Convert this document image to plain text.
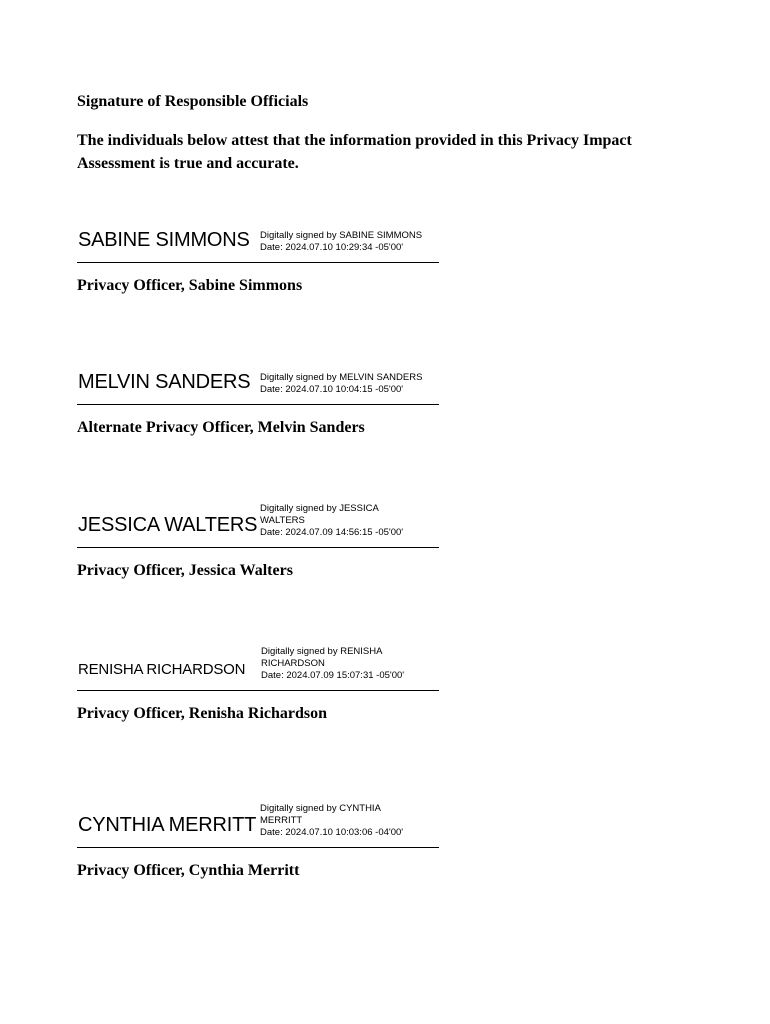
Signature of Responsible Officials

The individuals below attest that the information provided in this Privacy Impact Assessment is true and accurate.

SABINE SIMMONS Digitally signed by SABINE SIMMONS
Date: 2024.07.10 10:29:34 -05'00'
Privacy Officer, Sabine Simmons
MELVIN SANDERS Digitally signed by MELVIN SANDERS
Date: 2024.07.10 10:04:15 -05'00'
Alternate Privacy Officer, Melvin Sanders
JESSICA WALTERS
Digitally signed by JESSICA
WALTERS
Date: 2024.07.09 14:56:15 -05'00'
Privacy Officer, Jessica Walters
RENISHA RICHARDSON
Digitally signed by RENISHA
RICHARDSON
Date: 2024.07.09 15:07:31 -05'00'
Privacy Officer, Renisha Richardson
CYNTHIA MERRITT
Digitally signed by CYNTHIA
MERRITT
Date: 2024.07.10 10:03:06 -04'00'
Privacy Officer, Cynthia Merritt
